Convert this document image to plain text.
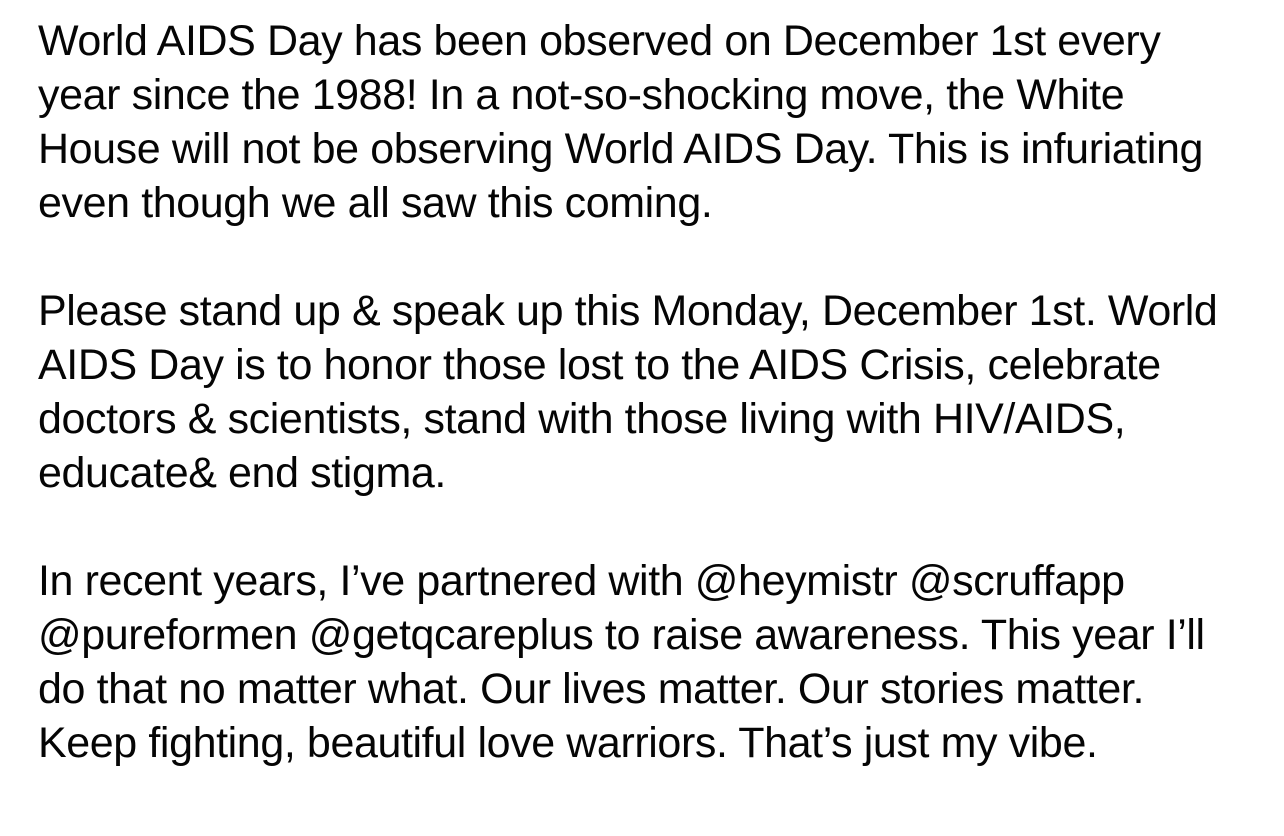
World AIDS Day has been observed on December 1st every year since the 1988! In a not-so-shocking move, the White House will not be observing World AIDS Day. This is infuriating even though we all saw this coming.

Please stand up & speak up this Monday, December 1st. World AIDS Day is to honor those lost to the AIDS Crisis, celebrate doctors & scientists, stand with those living with HIV/AIDS, educate& end stigma.

In recent years, I’ve partnered with @heymistr @scruffapp @pureformen @getqcareplus to raise awareness. This year I’ll do that no matter what. Our lives matter. Our stories matter. Keep fighting, beautiful love warriors. That’s just my vibe.
